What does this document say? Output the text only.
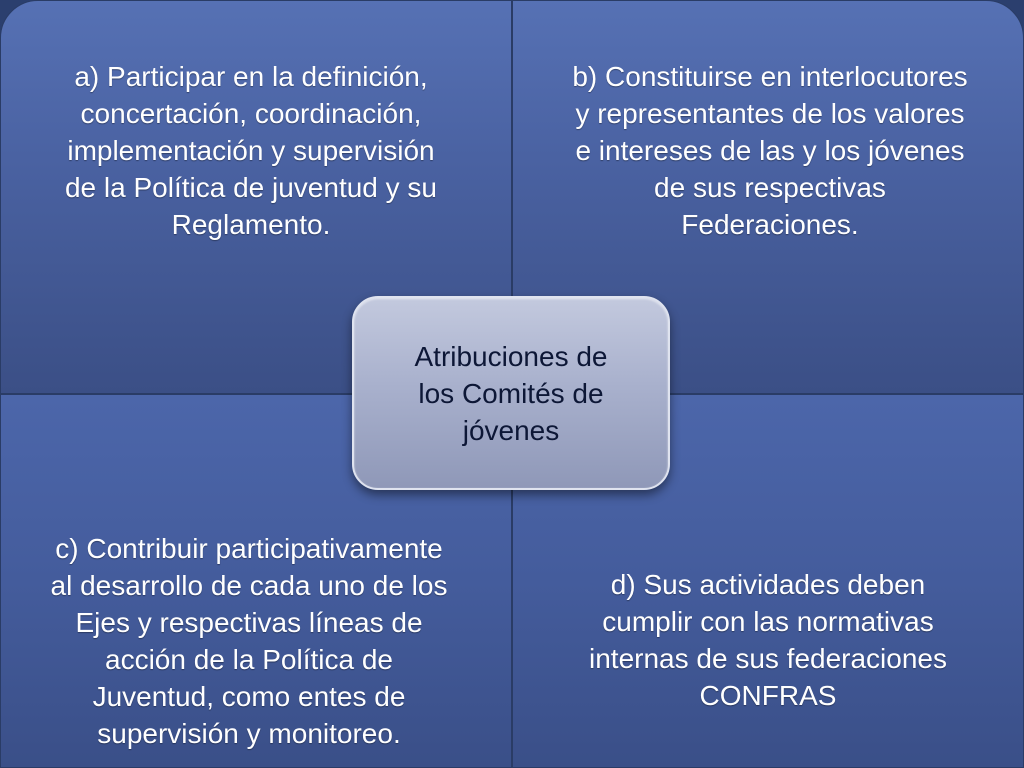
a) Participar en la definición,
concertación, coordinación,
implementación y supervisión
de la Política de juventud y su
Reglamento.
b) Constituirse en interlocutores
y representantes de los valores
e intereses de las y los jóvenes
de sus respectivas
Federaciones.
c) Contribuir participativamente
al desarrollo de cada uno de los
Ejes y respectivas líneas de
acción de la Política de
Juventud, como entes de
supervisión y monitoreo.
d) Sus actividades deben
cumplir con las normativas
internas de sus federaciones
CONFRAS
Atribuciones de
los Comités de
jóvenes
